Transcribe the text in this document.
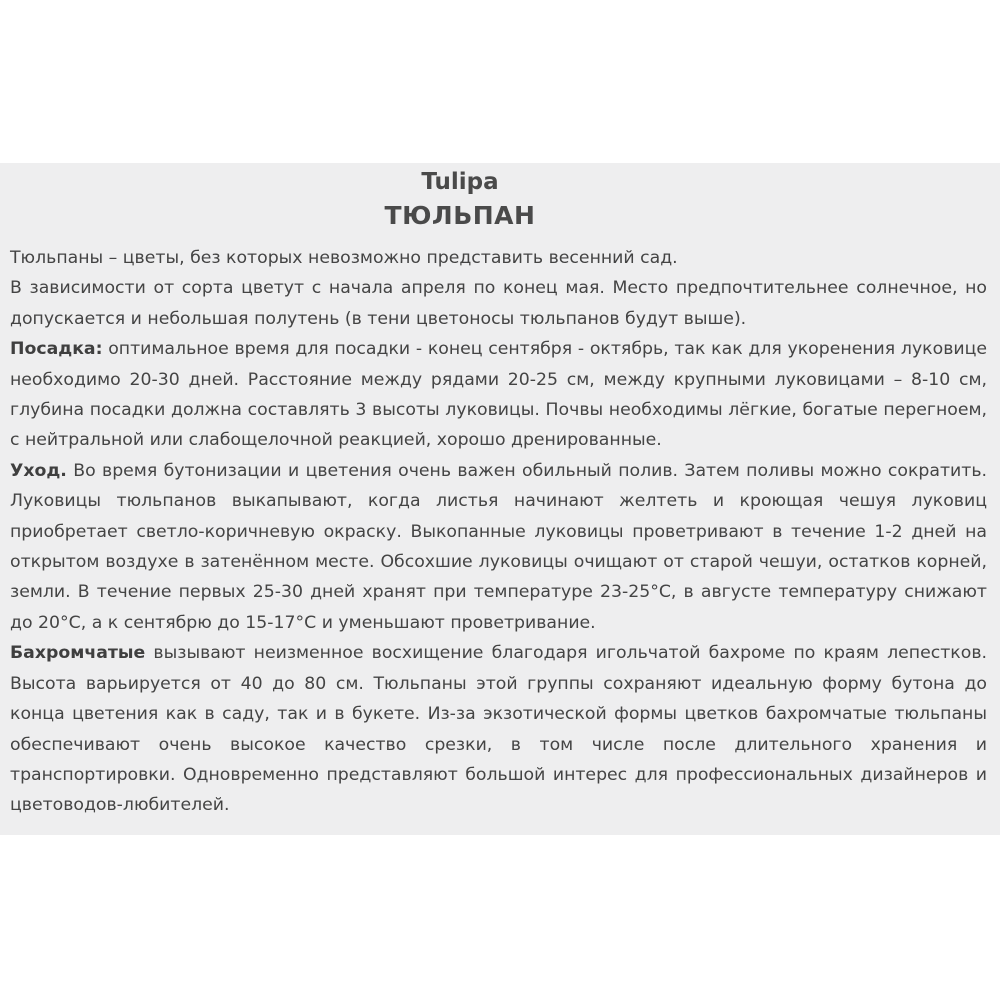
Tulipa
ТЮЛЬПАН

Тюльпаны – цветы, без которых невозможно представить весенний сад.

В зависимости от сорта цветут с начала апреля по конец мая. Место предпочтительнее солнечное, но допускается и небольшая полутень (в тени цветоносы тюльпанов будут выше).

Посадка: оптимальное время для посадки - конец сентября - октябрь, так как для укоренения луковице необходимо 20-30 дней. Расстояние между рядами 20-25 см, между крупными луковицами – 8-10 см, глубина посадки должна составлять 3 высоты луковицы. Почвы необходимы лёгкие, богатые перегноем, с нейтральной или слабощелочной реакцией, хорошо дренированные.

Уход. Во время бутонизации и цветения очень важен обильный полив. Затем поливы можно сократить. Луковицы тюльпанов выкапывают, когда листья начинают желтеть и кроющая чешуя луковиц приобретает светло-коричневую окраску. Выкопанные луковицы проветривают в течение 1-2 дней на открытом воздухе в затенённом месте. Обсохшие луковицы очищают от старой чешуи, остатков корней, земли. В течение первых 25-30 дней хранят при температуре 23-25°С, в августе температуру снижают до 20°С, а к сентябрю до 15-17°С и уменьшают проветривание.

Бахромчатые вызывают неизменное восхищение благодаря игольчатой бахроме по краям лепестков. Высота варьируется от 40 до 80 см. Тюльпаны этой группы сохраняют идеальную форму бутона до конца цветения как в саду, так и в букете. Из-за экзотической формы цветков бахромчатые тюльпаны обеспечивают очень высокое качество срезки, в том числе после длительного хранения и транспортировки. Одновременно представляют большой интерес для профессиональных дизайнеров и цветоводов-любителей.
